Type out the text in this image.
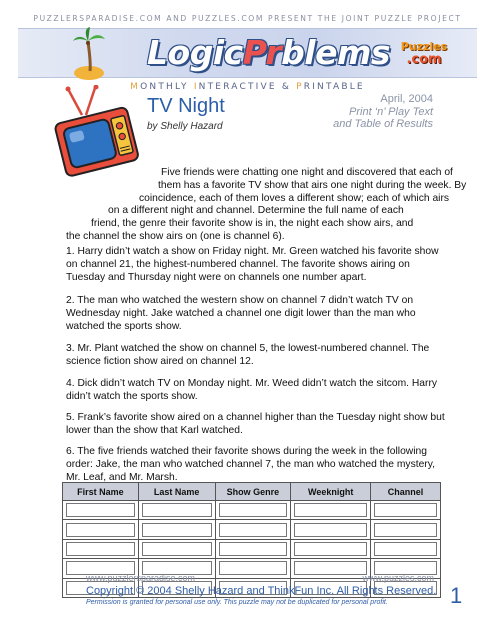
PUZZLERSPARADISE.COM AND PUZZLES.COM PRESENT THE JOINT PUZZLE PROJECT
LogicPrblems Puzzles
.com
MONTHLY INTERACTIVE & PRINTABLE
TV Night
by Shelly Hazard
April, 2004
Print ‘n’ Play Text
and Table of Results
Five friends were chatting one night and discovered that each of
them has a favorite TV show that airs one night during the week. By
coincidence, each of them loves a different show; each of which airs
on a different night and channel. Determine the full name of each
friend, the genre their favorite show is in, the night each show airs, and
the channel the show airs on (one is channel 6).
1. Harry didn’t watch a show on Friday night. Mr. Green watched his favorite show on channel 21, the highest-numbered channel. The favorite shows airing on Tuesday and Thursday night were on channels one number apart.
2. The man who watched the western show on channel 7 didn’t watch TV on Wednesday night. Jake watched a channel one digit lower than the man who watched the sports show.
3. Mr. Plant watched the show on channel 5, the lowest-numbered channel. The science fiction show aired on channel 12.
4. Dick didn’t watch TV on Monday night. Mr. Weed didn’t watch the sitcom. Harry didn’t watch the sports show.
5. Frank’s favorite show aired on a channel higher than the Tuesday night show but lower than the show that Karl watched.
6. The five friends watched their favorite shows during the week in the following order: Jake, the man who watched channel 7, the man who watched the mystery, Mr. Leaf, and Mr. Marsh.
First Name	Last Name	Show Genre	Weeknight	Channel

www.puzzlersparadise.com	www.puzzles.com
Copyright © 2004 Shelly Hazard and ThinkFun Inc. All Rights Reserved.
Permission is granted for personal use only. This puzzle may not be duplicated for personal profit.	1
